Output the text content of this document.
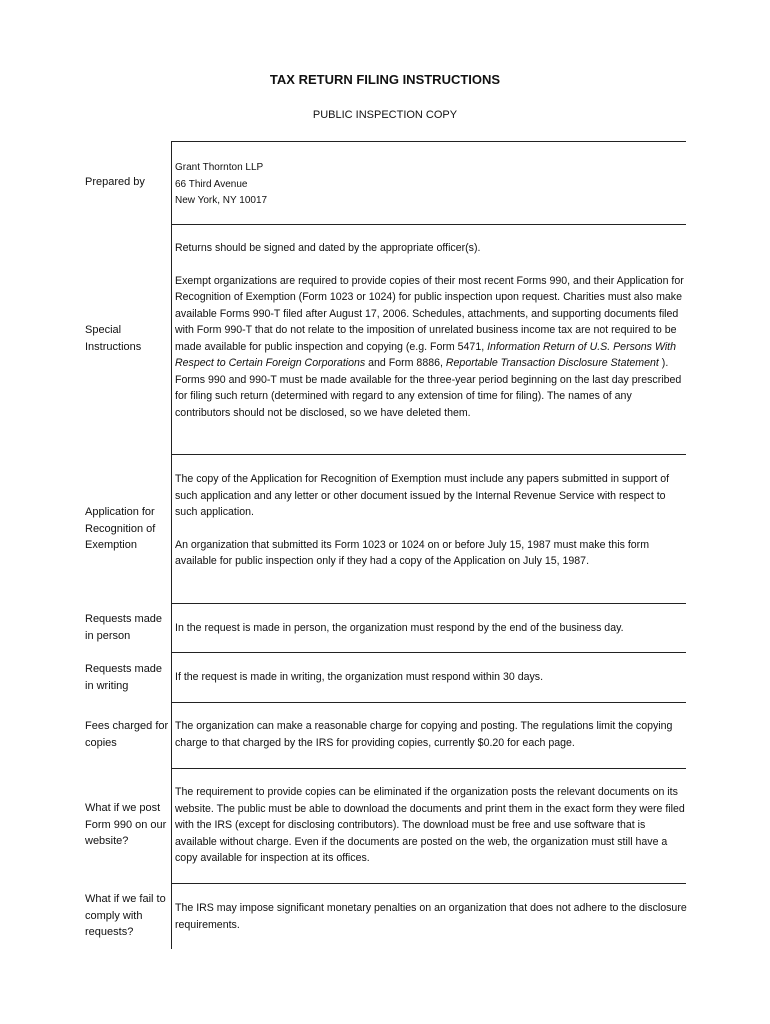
TAX RETURN FILING INSTRUCTIONS
PUBLIC INSPECTION COPY
Prepared by
Grant Thornton LLP
66 Third Avenue
New York, NY 10017
Special Instructions

Returns should be signed and dated by the appropriate officer(s).

Exempt organizations are required to provide copies of their most recent Forms 990, and their Application for Recognition of Exemption (Form 1023 or 1024) for public inspection upon request. Charities must also make available Forms 990-T filed after August 17, 2006. Schedules, attachments, and supporting documents filed with Form 990-T that do not relate to the imposition of unrelated business income tax are not required to be made available for public inspection and copying (e.g. Form 5471, Information Return of U.S. Persons With Respect to Certain Foreign Corporations and Form 8886, Reportable Transaction Disclosure Statement ). Forms 990 and 990-T must be made available for the three-year period beginning on the last day prescribed for filing such return (determined with regard to any extension of time for filing). The names of any contributors should not be disclosed, so we have deleted them.

Application for Recognition of Exemption

The copy of the Application for Recognition of Exemption must include any papers submitted in support of such application and any letter or other document issued by the Internal Revenue Service with respect to such application.

An organization that submitted its Form 1023 or 1024 on or before July 15, 1987 must make this form available for public inspection only if they had a copy of the Application on July 15, 1987.

Requests made in person
In the request is made in person, the organization must respond by the end of the business day.
Requests made in writing
If the request is made in writing, the organization must respond within 30 days.
Fees charged for copies
The organization can make a reasonable charge for copying and posting. The regulations limit the copying charge to that charged by the IRS for providing copies, currently $0.20 for each page.
What if we post Form 990 on our website?
The requirement to provide copies can be eliminated if the organization posts the relevant documents on its website. The public must be able to download the documents and print them in the exact form they were filed with the IRS (except for disclosing contributors). The download must be free and use software that is available without charge. Even if the documents are posted on the web, the organization must still have a copy available for inspection at its offices.
What if we fail to comply with requests?
The IRS may impose significant monetary penalties on an organization that does not adhere to the disclosure requirements.
